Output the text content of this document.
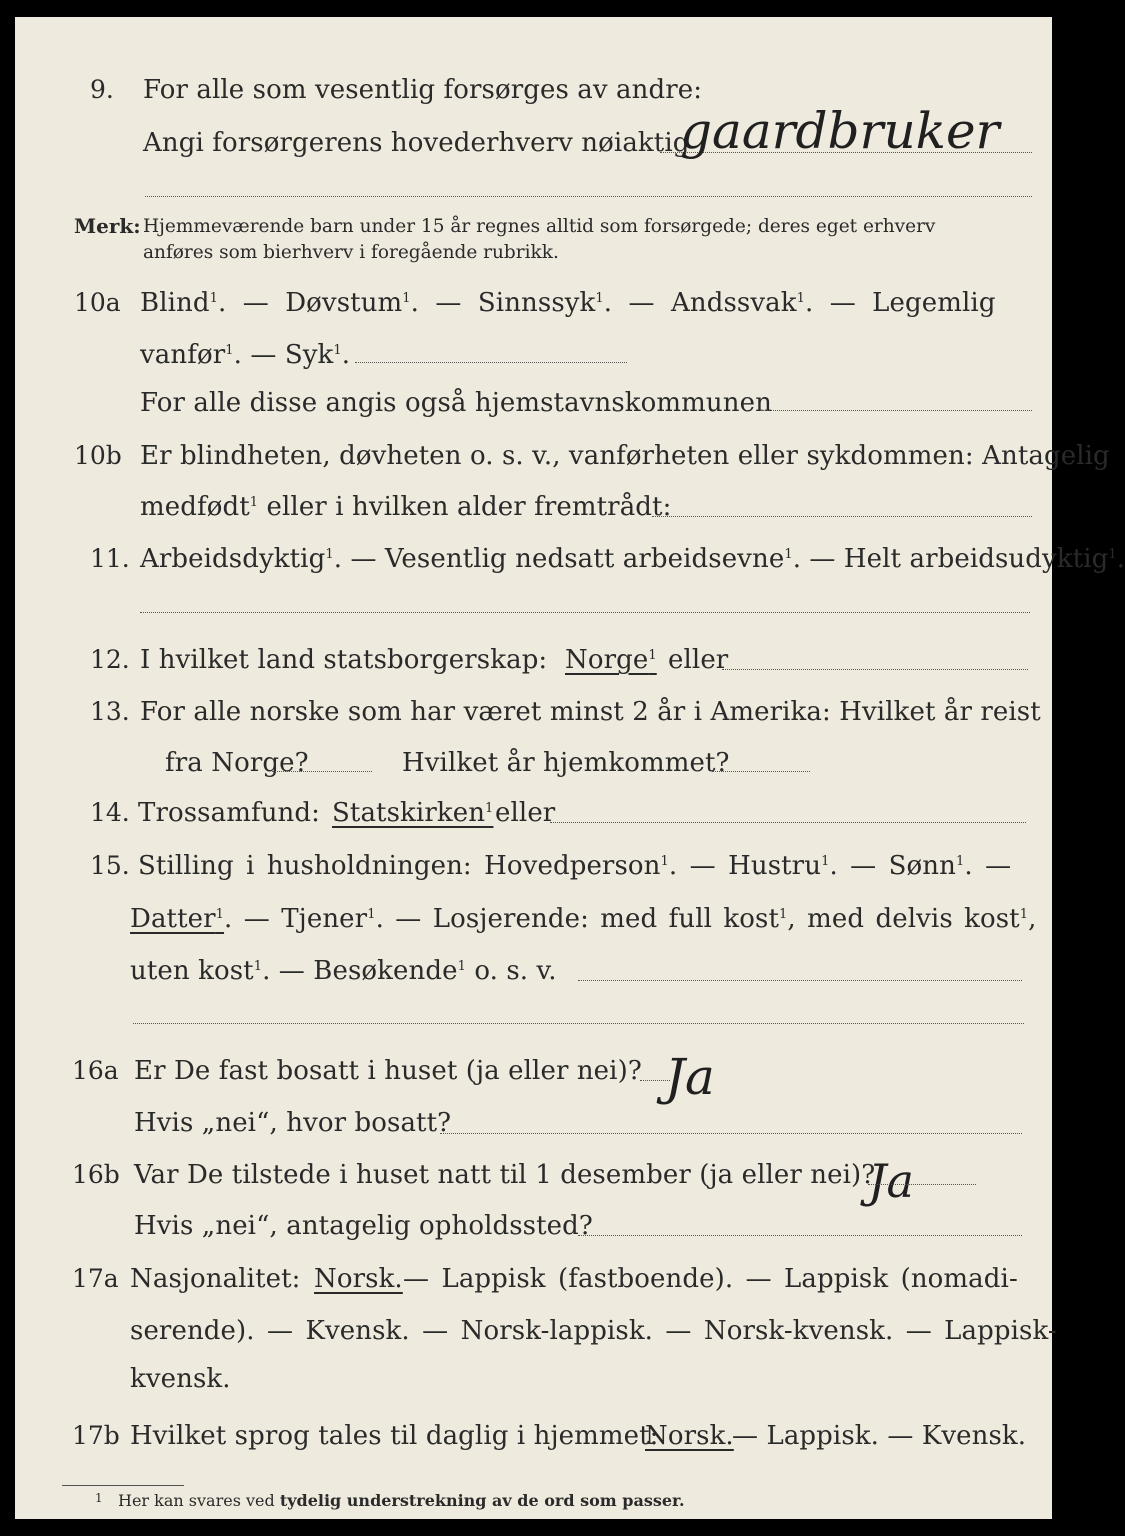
9. For alle som vesentlig forsørges av andre:
Angi forsørgerens hovederhverv nøiaktig
gaardbruker
Merk: Hjemmeværende barn under 15 år regnes alltid som forsørgede; deres eget erhverv
anføres som bierhverv i foregående rubrikk.
10a Blind$^1$. — Døvstum$^1$. — Sinnssyk$^1$. — Andssvak$^1$. — Legemlig
vanfør$^1$. — Syk$^1$.
For alle disse angis også hjemstavnskommunen
10b Er blindheten, døvheten o. s. v., vanførheten eller sykdommen: Antagelig
medfødt$^1$ eller i hvilken alder fremtrådt:
11. Arbeidsdyktig$^1$. — Vesentlig nedsatt arbeidsevne$^1$. — Helt arbeidsudyktig$^1$.
12. I hvilket land statsborgerskap: Norge$^1$ eller
13. For alle norske som har været minst 2 år i Amerika: Hvilket år reist
fra Norge?	Hvilket år hjemkommet?
14. Trossamfund: Statskirken$^1$ eller
15. Stilling i husholdningen: Hovedperson$^1$. — Hustru$^1$. — Sønn$^1$. —
Datter$^1$. — Tjener$^1$. — Losjerende: med full kost$^1$, med delvis kost$^1$,
uten kost$^1$. — Besøkende$^1$ o. s. v.
16a Er De fast bosatt i huset (ja eller nei)? Ja
Hvis „nei“, hvor bosatt?
16b Var De tilstede i huset natt til 1 desember (ja eller nei)?
Ja
Hvis „nei“, antagelig opholdssted?
17a Nasjonalitet: Norsk. — Lappisk (fastboende). — Lappisk (nomadi-
serende). — Kvensk. — Norsk-lappisk. — Norsk-kvensk. — Lappisk-
kvensk.
17b Hvilket sprog tales til daglig i hjemmet:
Norsk.
— Lappisk. — Kvensk.
1 Her kan svares ved tydelig understrekning av de ord som passer.
